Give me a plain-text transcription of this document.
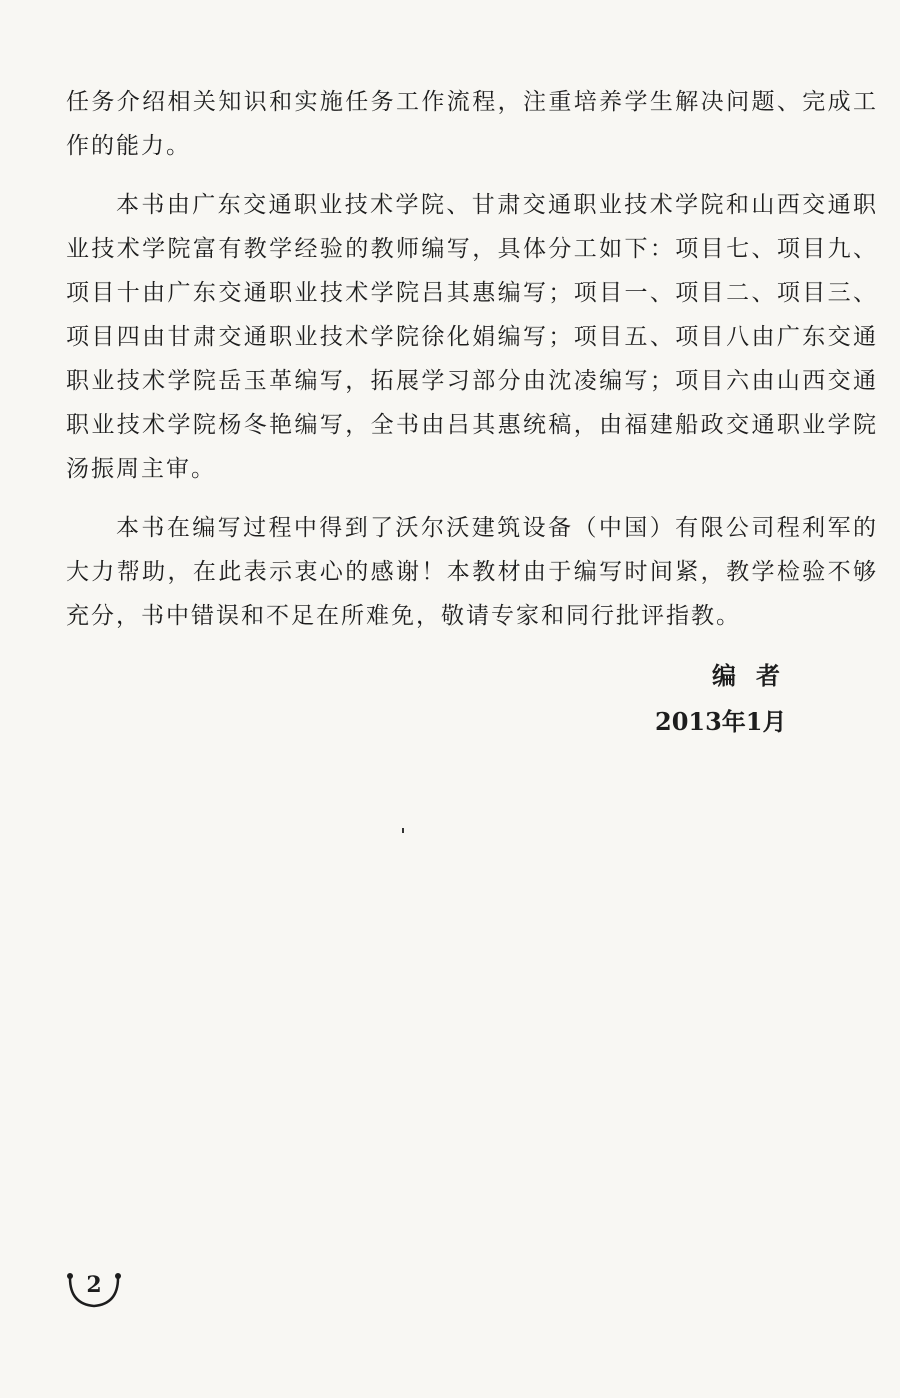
任务介绍相关知识和实施任务工作流程，注重培养学生解决问题、完成工作的能力。

本书由广东交通职业技术学院、甘肃交通职业技术学院和山西交通职业技术学院富有教学经验的教师编写，具体分工如下：项目七、项目九、项目十由广东交通职业技术学院吕其惠编写；项目一、项目二、项目三、项目四由甘肃交通职业技术学院徐化娟编写；项目五、项目八由广东交通职业技术学院岳玉革编写，拓展学习部分由沈凌编写；项目六由山西交通职业技术学院杨冬艳编写，全书由吕其惠统稿，由福建船政交通职业学院汤振周主审。

本书在编写过程中得到了沃尔沃建筑设备（中国）有限公司程利军的大力帮助，在此表示衷心的感谢！本教材由于编写时间紧，教学检验不够充分，书中错误和不足在所难免，敬请专家和同行批评指教。

编者
2013年1月
2
